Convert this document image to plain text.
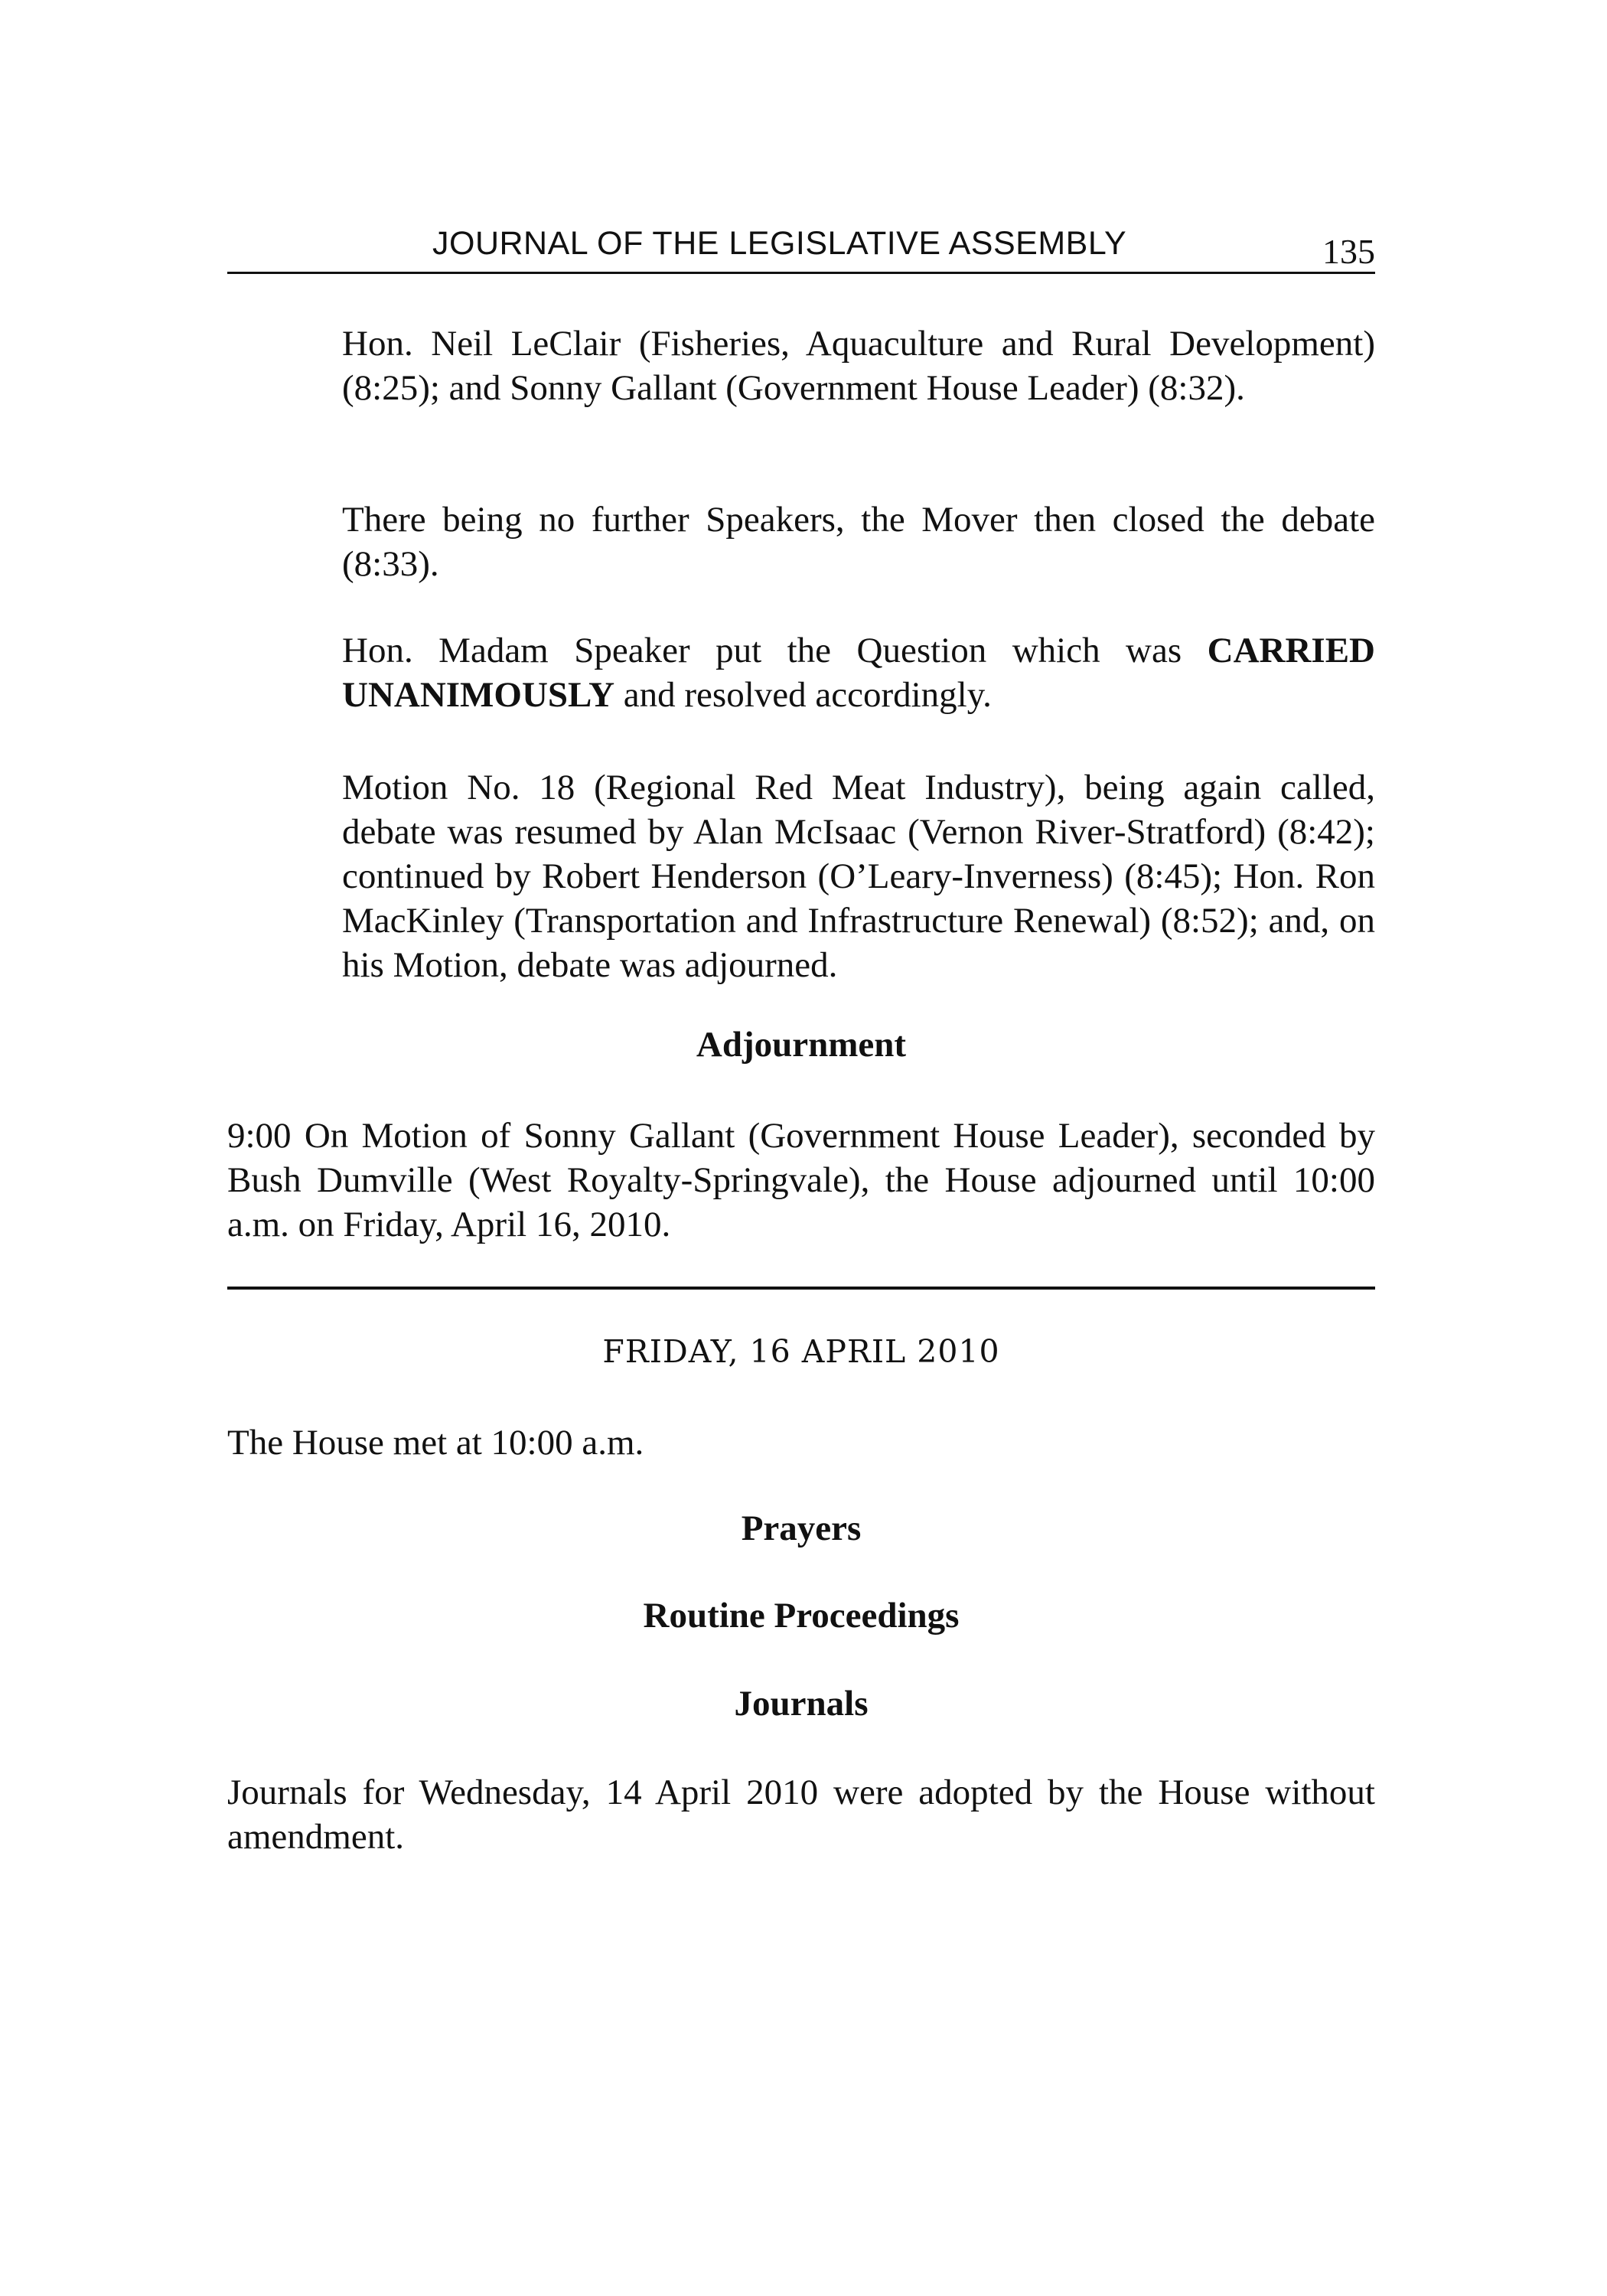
JOURNAL OF THE LEGISLATIVE ASSEMBLY	135

Hon. Neil LeClair (Fisheries, Aquaculture and Rural Development) (8:25); and Sonny Gallant (Government House Leader) (8:32).

There being no further Speakers, the Mover then closed the debate (8:33).

Hon. Madam Speaker put the Question which was CARRIED UNANIMOUSLY and resolved accordingly.

Motion No. 18 (Regional Red Meat Industry), being again called, debate was resumed by Alan McIsaac (Vernon River-Stratford) (8:42); continued by Robert Henderson (O’Leary-Inverness) (8:45); Hon. Ron MacKinley (Transportation and Infrastructure Renewal) (8:52); and, on his Motion, debate was adjourned.

Adjournment

9:00 On Motion of Sonny Gallant (Government House Leader), seconded by Bush Dumville (West Royalty-Springvale), the House adjourned until 10:00 a.m. on Friday, April 16, 2010.

FRIDAY, 16 APRIL 2010

The House met at 10:00 a.m.

Prayers
Routine Proceedings
Journals

Journals for Wednesday, 14 April 2010 were adopted by the House without amendment.
